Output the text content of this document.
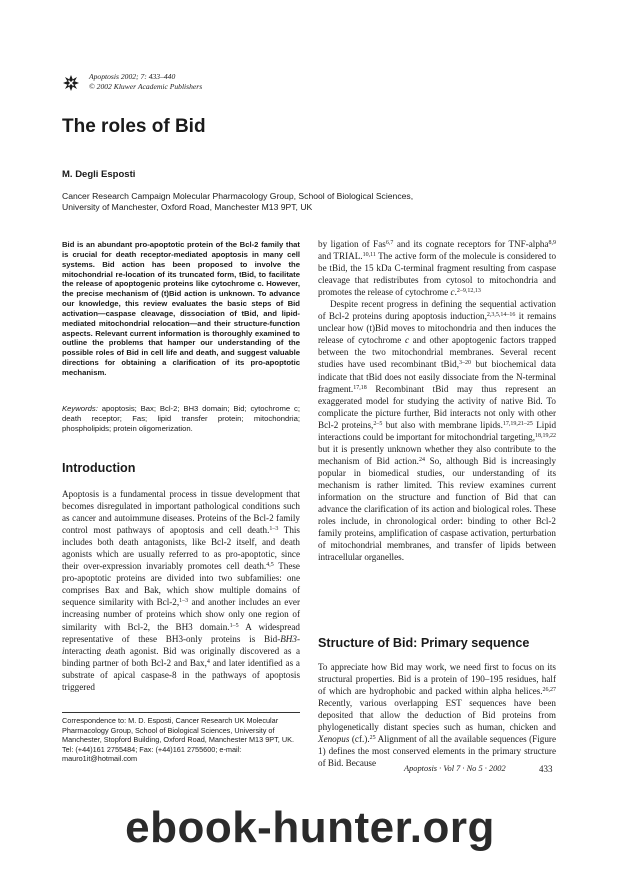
Apoptosis 2002; 7: 433–440
© 2002 Kluwer Academic Publishers
The roles of Bid
M. Degli Esposti
Cancer Research Campaign Molecular Pharmacology Group, School of Biological Sciences,
University of Manchester, Oxford Road, Manchester M13 9PT, UK
Bid is an abundant pro-apoptotic protein of the Bcl-2 family that is crucial for death receptor-mediated apoptosis in many cell systems. Bid action has been proposed to involve the mitochondrial re-location of its truncated form, tBid, to facilitate the release of apoptogenic proteins like cytochrome c. However, the precise mechanism of (t)Bid action is unknown. To advance our knowledge, this review evaluates the basic steps of Bid activation—caspase cleavage, dissociation of tBid, and lipid-mediated mitochondrial relocation—and their structure-function aspects. Relevant current information is thoroughly examined to outline the problems that hamper our understanding of the possible roles of Bid in cell life and death, and suggest valuable directions for obtaining a clarification of its pro-apoptotic mechanism.
Keywords: apoptosis; Bax; Bcl-2; BH3 domain; Bid; cytochrome c; death receptor; Fas; lipid transfer protein; mitochondria; phospholipids; protein oligomerization.
Introduction

Apoptosis is a fundamental process in tissue development that becomes disregulated in important pathological conditions such as cancer and autoimmune diseases. Proteins of the Bcl-2 family control most pathways of apoptosis and cell death.$^{1-3}$ This includes both death antagonists, like Bcl-2 itself, and death agonists which are usually referred to as pro-apoptotic, since their over-expression invariably promotes cell death.$^{4,5}$ These pro-apoptotic proteins are divided into two subfamilies: one comprises Bax and Bak, which show multiple domains of sequence similarity with Bcl-2,$^{1-3}$ and another includes an ever increasing number of proteins which show only one region of similarity with Bcl-2, the BH3 domain.$^{1-5}$ A widespread representative of these BH3-only proteins is Bid-BH3-interacting death agonist. Bid was originally discovered as a binding partner of both Bcl-2 and Bax,$^4$ and later identified as a substrate of apical caspase-8 in the pathways of apoptosis triggered

by ligation of Fas$^{6,7}$ and its cognate receptors for TNF-alpha$^{8,9}$ and TRIAL.$^{10,11}$ The active form of the molecule is considered to be tBid, the 15 kDa C-terminal fragment resulting from caspase cleavage that redistributes from cytosol to mitochondria and promotes the release of cytochrome c.$^{2-9,12,13}$

Despite recent progress in defining the sequential activation of Bcl-2 proteins during apoptosis induction,$^{2,3,5,14-16}$ it remains unclear how (t)Bid moves to mitochondria and then induces the release of cytochrome c and other apoptogenic factors trapped between the two mitochondrial membranes. Several recent studies have used recombinant tBid,$^{3-20}$ but biochemical data indicate that tBid does not easily dissociate from the N-terminal fragment.$^{17,18}$ Recombinant tBid may thus represent an exaggerated model for studying the activity of native Bid. To complicate the picture further, Bid interacts not only with other Bcl-2 proteins,$^{2-5}$ but also with membrane lipids.$^{17,19,21-25}$ Lipid interactions could be important for mitochondrial targeting,$^{18,19,22}$ but it is presently unknown whether they also contribute to the mechanism of Bid action.$^{24}$ So, although Bid is increasingly popular in biomedical studies, our understanding of its mechanism is rather limited. This review examines current information on the structure and function of Bid that can advance the clarification of its action and biological roles. These roles include, in chronological order: binding to other Bcl-2 family proteins, amplification of caspase activation, perturbation of mitochondrial membranes, and transfer of lipids between intracellular organelles.

Structure of Bid: Primary sequence

To appreciate how Bid may work, we need first to focus on its structural properties. Bid is a protein of 190–195 residues, half of which are hydrophobic and packed within alpha helices.$^{26,27}$ Recently, various overlapping EST sequences have been deposited that allow the deduction of Bid proteins from phylogenetically distant species such as human, chicken and Xenopus (cf.).$^{25}$ Alignment of all the available sequences (Figure 1) defines the most conserved elements in the primary structure of Bid. Because

Correspondence to: M. D. Esposti, Cancer Research UK Molecular Pharmacology Group, School of Biological Sciences, University of Manchester, Stopford Building, Oxford Road, Manchester M13 9PT, UK. Tel: (+44)161 2755484; Fax: (+44)161 2755600; e-mail: mauro1it@hotmail.com
Apoptosis · Vol 7 · No 5 · 2002	433
ebook-hunter.org
